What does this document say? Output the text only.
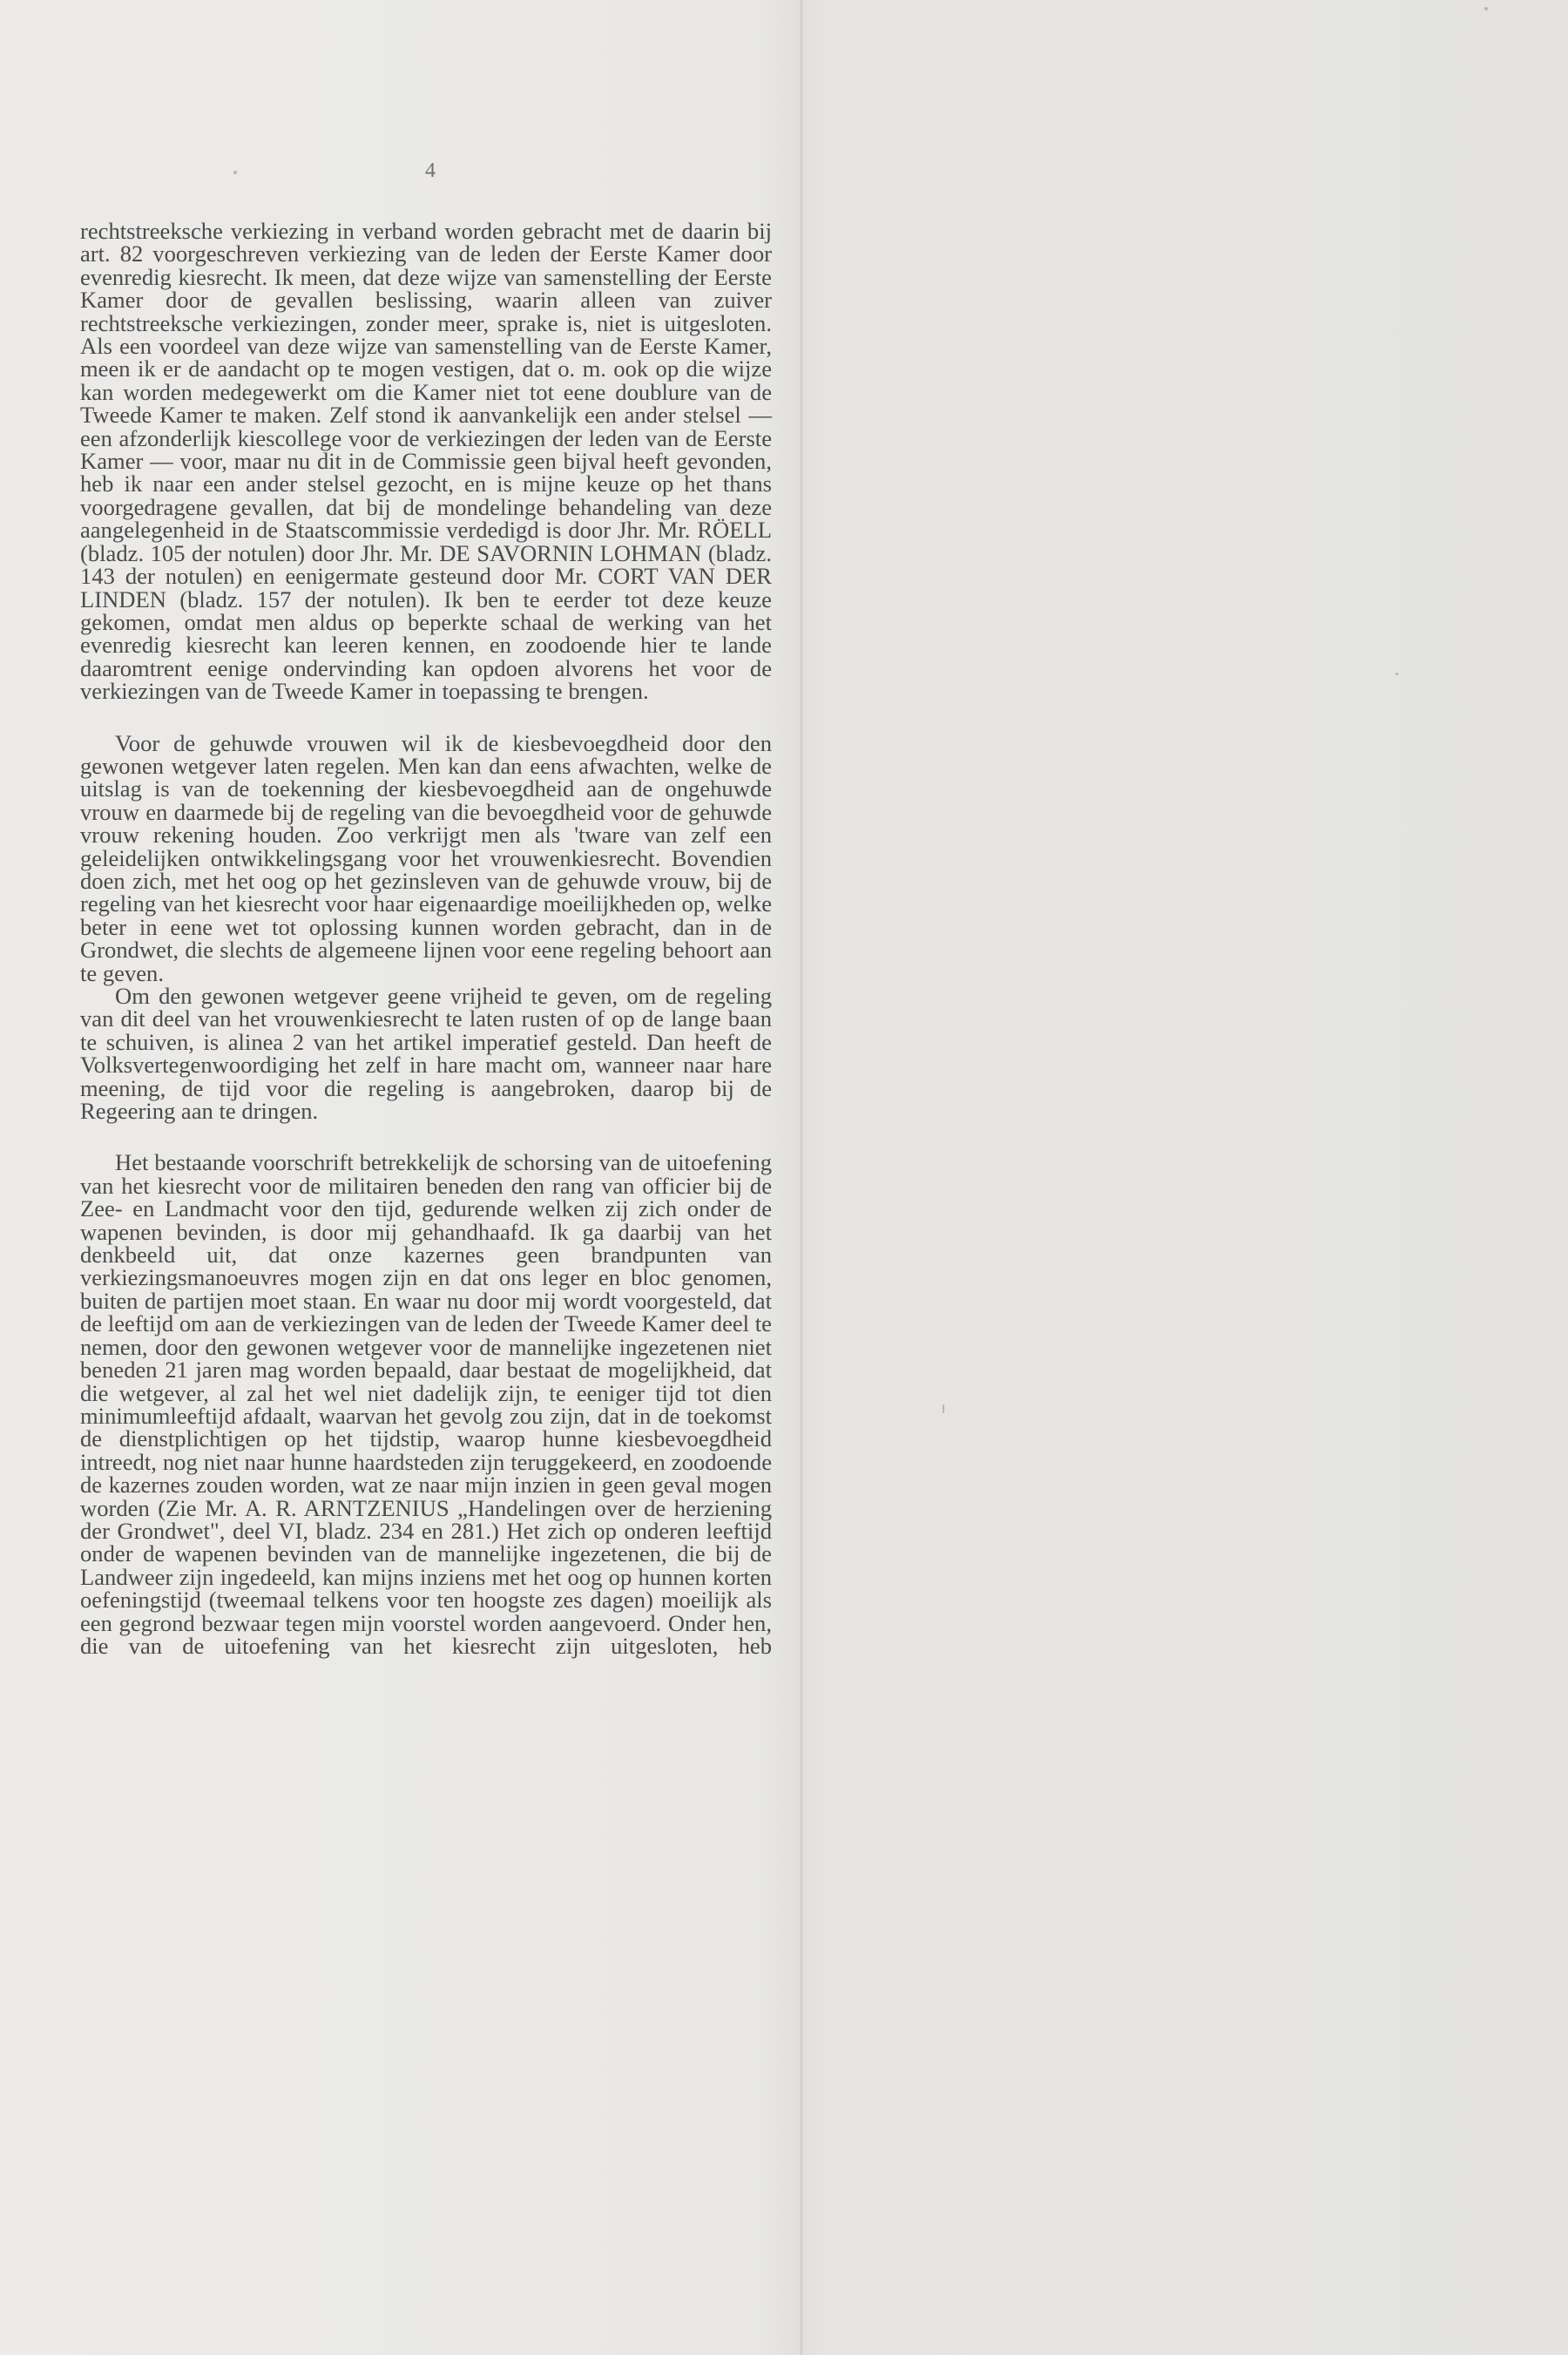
4

rechtstreeksche verkiezing in verband worden gebracht met de daarin bij art. 82 voorgeschreven verkiezing van de leden der Eerste Kamer door evenredig kiesrecht. Ik meen, dat deze wijze van samenstelling der Eerste Kamer door de gevallen beslissing, waarin alleen van zuiver rechtstreeksche verkiezingen, zonder meer, sprake is, niet is uitgesloten. Als een voordeel van deze wijze van samenstelling van de Eerste Kamer, meen ik er de aandacht op te mogen vestigen, dat o. m. ook op die wijze kan worden medegewerkt om die Kamer niet tot eene doublure van de Tweede Kamer te maken. Zelf stond ik aanvankelijk een ander stelsel — een afzonderlijk kiescollege voor de verkiezingen der leden van de Eerste Kamer — voor, maar nu dit in de Commissie geen bijval heeft gevonden, heb ik naar een ander stelsel gezocht, en is mijne keuze op het thans voorgedragene gevallen, dat bij de mondelinge behandeling van deze aangelegenheid in de Staatscommissie verdedigd is door Jhr. Mr. RÖELL (bladz. 105 der notulen) door Jhr. Mr. DE SAVORNIN LOHMAN (bladz. 143 der notulen) en eenigermate gesteund door Mr. CORT VAN DER LINDEN (bladz. 157 der notulen). Ik ben te eerder tot deze keuze gekomen, omdat men aldus op beperkte schaal de werking van het evenredig kiesrecht kan leeren kennen, en zoodoende hier te lande daaromtrent eenige ondervinding kan opdoen alvorens het voor de verkiezingen van de Tweede Kamer in toepassing te brengen.

Voor de gehuwde vrouwen wil ik de kiesbevoegdheid door den gewonen wetgever laten regelen. Men kan dan eens afwachten, welke de uitslag is van de toekenning der kiesbevoegdheid aan de ongehuwde vrouw en daarmede bij de regeling van die bevoegdheid voor de gehuwde vrouw rekening houden. Zoo verkrijgt men als 'tware van zelf een geleidelijken ontwikkelingsgang voor het vrouwenkiesrecht. Bovendien doen zich, met het oog op het gezinsleven van de gehuwde vrouw, bij de regeling van het kiesrecht voor haar eigenaardige moeilijkheden op, welke beter in eene wet tot oplossing kunnen worden gebracht, dan in de Grondwet, die slechts de algemeene lijnen voor eene regeling behoort aan te geven.

Om den gewonen wetgever geene vrijheid te geven, om de regeling van dit deel van het vrouwenkiesrecht te laten rusten of op de lange baan te schuiven, is alinea 2 van het artikel imperatief gesteld. Dan heeft de Volksvertegenwoordiging het zelf in hare macht om, wanneer naar hare meening, de tijd voor die regeling is aangebroken, daarop bij de Regeering aan te dringen.

Het bestaande voorschrift betrekkelijk de schorsing van de uitoefening van het kiesrecht voor de militairen beneden den rang van officier bij de Zee- en Landmacht voor den tijd, gedurende welken zij zich onder de wapenen bevinden, is door mij gehandhaafd. Ik ga daarbij van het denkbeeld uit, dat onze kazernes geen brandpunten van verkiezingsmanoeuvres mogen zijn en dat ons leger en bloc genomen, buiten de partijen moet staan. En waar nu door mij wordt voorgesteld, dat de leeftijd om aan de verkiezingen van de leden der Tweede Kamer deel te nemen, door den gewonen wetgever voor de mannelijke ingezetenen niet beneden 21 jaren mag worden bepaald, daar bestaat de mogelijkheid, dat die wetgever, al zal het wel niet dadelijk zijn, te eeniger tijd tot dien minimumleeftijd afdaalt, waarvan het gevolg zou zijn, dat in de toekomst de dienstplichtigen op het tijdstip, waarop hunne kiesbevoegdheid intreedt, nog niet naar hunne haardsteden zijn teruggekeerd, en zoodoende de kazernes zouden worden, wat ze naar mijn inzien in geen geval mogen worden (Zie Mr. A. R. ARNTZENIUS „Handelingen over de herziening der Grondwet", deel VI, bladz. 234 en 281.) Het zich op onderen leeftijd onder de wapenen bevinden van de mannelijke ingezetenen, die bij de Landweer zijn ingedeeld, kan mijns inziens met het oog op hunnen korten oefeningstijd (tweemaal telkens voor ten hoogste zes dagen) moeilijk als een gegrond bezwaar tegen mijn voorstel worden aangevoerd. Onder hen, die van de uitoefening van het kiesrecht zijn uitgesloten, heb
